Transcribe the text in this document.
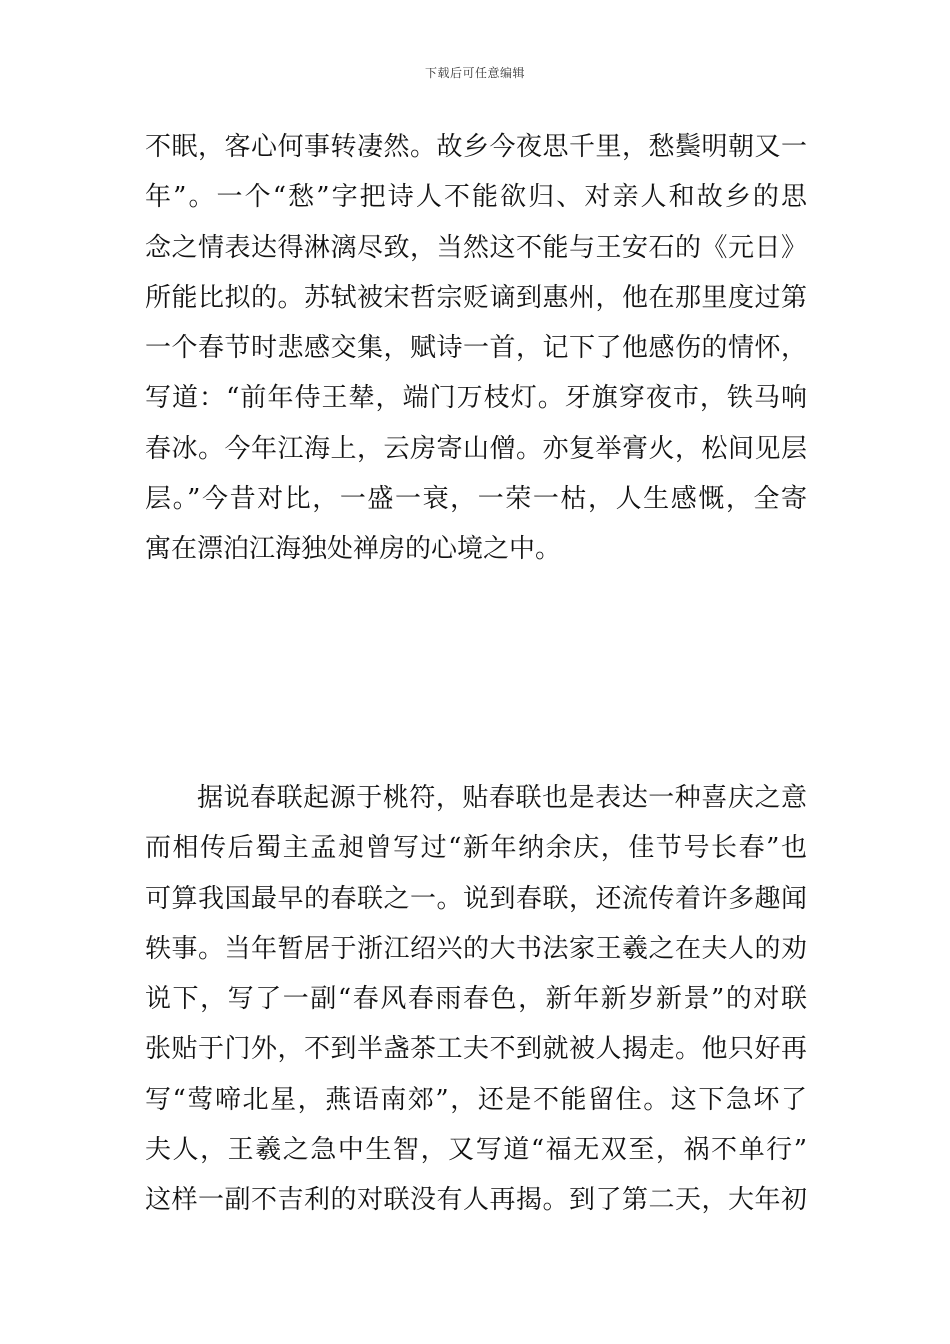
下载后可任意编辑
不眠，客心何事转凄然。故乡今夜思千里，愁鬓明朝又一
年”。一个“愁”字把诗人不能欲归、对亲人和故乡的思
念之情表达得淋漓尽致，当然这不能与王安石的《元日》
所能比拟的。苏轼被宋哲宗贬谪到惠州，他在那里度过第
一个春节时悲感交集，赋诗一首，记下了他感伤的情怀，
写道：“前年侍王辇，端门万枝灯。牙旗穿夜市，铁马响
春冰。今年江海上，云房寄山僧。亦复举膏火，松间见层
层。”今昔对比，一盛一衰，一荣一枯，人生感慨，全寄
寓在漂泊江海独处禅房的心境之中。
据说春联起源于桃符，贴春联也是表达一种喜庆之意
而相传后蜀主孟昶曾写过“新年纳余庆，佳节号长春”也
可算我国最早的春联之一。说到春联，还流传着许多趣闻
轶事。当年暂居于浙江绍兴的大书法家王羲之在夫人的劝
说下，写了一副“春风春雨春色，新年新岁新景”的对联
张贴于门外，不到半盏茶工夫不到就被人揭走。他只好再
写“莺啼北星，燕语南郊”，还是不能留住。这下急坏了
夫人，王羲之急中生智，又写道“福无双至，祸不单行”
这样一副不吉利的对联没有人再揭。到了第二天，大年初
